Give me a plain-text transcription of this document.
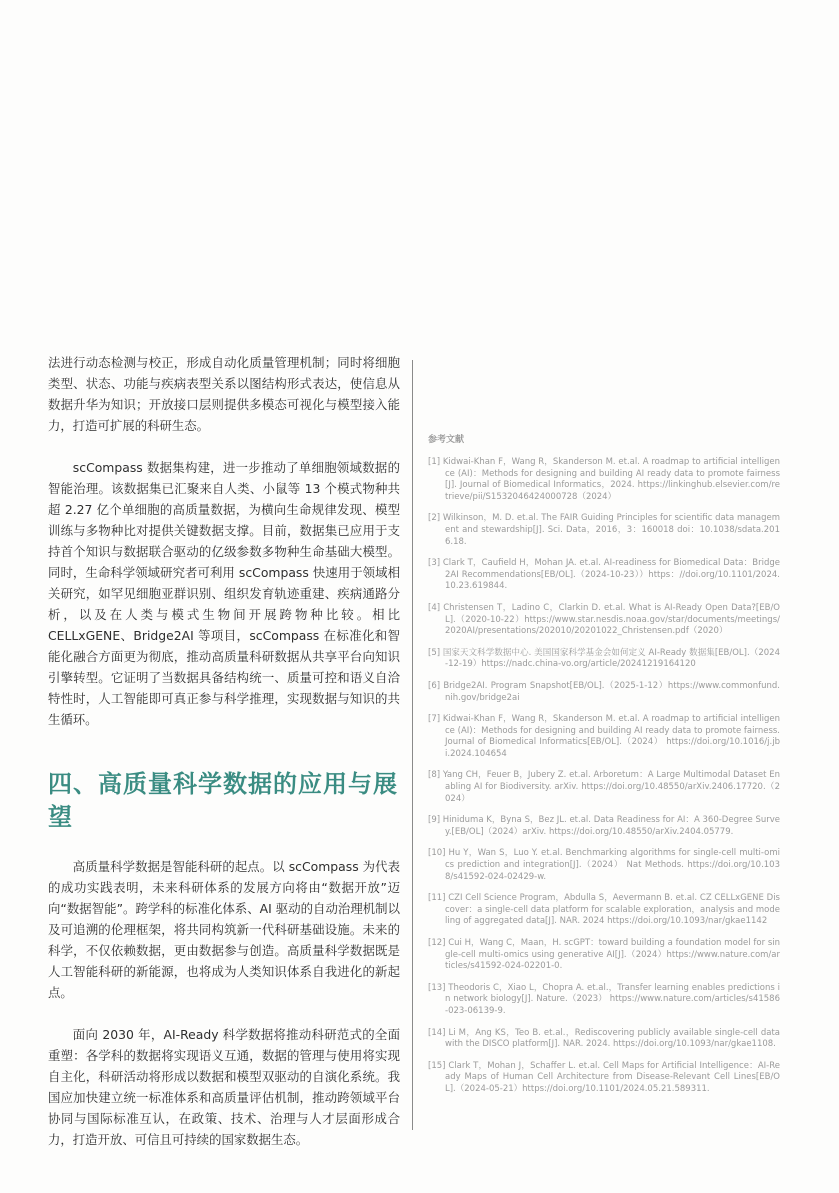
法进行动态检测与校正，形成自动化质量管理机制；同时将细胞类型、状态、功能与疾病表型关系以图结构形式表达，使信息从数据升华为知识；开放接口层则提供多模态可视化与模型接入能力，打造可扩展的科研生态。

scCompass 数据集构建，进一步推动了单细胞领域数据的智能治理。该数据集已汇聚来自人类、小鼠等 13 个模式物种共超 2.27 亿个单细胞的高质量数据，为横向生命规律发现、模型训练与多物种比对提供关键数据支撑。目前，数据集已应用于支持首个知识与数据联合驱动的亿级参数多物种生命基础大模型。同时，生命科学领域研究者可利用 scCompass 快速用于领域相关研究，如罕见细胞亚群识别、组织发育轨迹重建、疾病通路分析，以及在人类与模式生物间开展跨物种比较。相比 CELLxGENE、Bridge2AI 等项目，scCompass 在标准化和智能化融合方面更为彻底，推动高质量科研数据从共享平台向知识引擎转型。它证明了当数据具备结构统一、质量可控和语义自洽特性时，人工智能即可真正参与科学推理，实现数据与知识的共生循环。

四、高质量科学数据的应用与展望

高质量科学数据是智能科研的起点。以 scCompass 为代表的成功实践表明，未来科研体系的发展方向将由“数据开放”迈向“数据智能”。跨学科的标准化体系、AI 驱动的自动治理机制以及可追溯的伦理框架，将共同构筑新一代科研基础设施。未来的科学，不仅依赖数据，更由数据参与创造。高质量科学数据既是人工智能科研的新能源，也将成为人类知识体系自我进化的新起点。

面向 2030 年，AI-Ready 科学数据将推动科研范式的全面重塑：各学科的数据将实现语义互通，数据的管理与使用将实现自主化，科研活动将形成以数据和模型双驱动的自演化系统。我国应加快建立统一标准体系和高质量评估机制，推动跨领域平台协同与国际标准互认，在政策、技术、治理与人才层面形成合力，打造开放、可信且可持续的国家数据生态。

参考文献
[1] Kidwai-Khan F，Wang R，Skanderson M. et.al. A roadmap to artificial intelligence (AI)：Methods for designing and building AI ready data to promote fairness[J]. Journal of Biomedical Informatics，2024. https://linkinghub.elsevier.com/retrieve/pii/S1532046424000728（2024）
[2] Wilkinson，M. D. et.al. The FAIR Guiding Principles for scientific data management and stewardship[J]. Sci. Data，2016，3：160018 doi：10.1038/sdata.2016.18.
[3] Clark T，Caufield H，Mohan JA. et.al. AI-readiness for Biomedical Data：Bridge2AI Recommendations[EB/OL].（2024-10-23））https：//doi.org/10.1101/2024.10.23.619844.
[4] Christensen T，Ladino C，Clarkin D. et.al. What is AI-Ready Open Data?[EB/OL].（2020-10-22）https://www.star.nesdis.noaa.gov/star/documents/meetings/2020AI/presentations/202010/20201022_Christensen.pdf（2020）
[5] 国家天文科学数据中心. 美国国家科学基金会如何定义 AI-Ready 数据集[EB/OL].（2024-12-19）https://nadc.china-vo.org/article/20241219164120
[6] Bridge2AI. Program Snapshot[EB/OL].（2025-1-12）https://www.commonfund.nih.gov/bridge2ai
[7] Kidwai-Khan F，Wang R，Skanderson M. et.al. A roadmap to artificial intelligence (AI)：Methods for designing and building AI ready data to promote fairness. Journal of Biomedical Informatics[EB/OL].（2024） https://doi.org/10.1016/j.jbi.2024.104654
[8] Yang CH，Feuer B，Jubery Z. et.al. Arboretum：A Large Multimodal Dataset Enabling AI for Biodiversity. arXiv. https://doi.org/10.48550/arXiv.2406.17720.（2024）
[9] Hiniduma K，Byna S，Bez JL. et.al. Data Readiness for AI：A 360-Degree Survey.[EB/OL]（2024）arXiv. https://doi.org/10.48550/arXiv.2404.05779.
[10] Hu Y，Wan S，Luo Y. et.al. Benchmarking algorithms for single-cell multi-omics prediction and integration[J].（2024） Nat Methods. https://doi.org/10.1038/s41592-024-02429-w.
[11] CZI Cell Science Program，Abdulla S，Aevermann B. et.al. CZ CELLxGENE Discover：a single-cell data platform for scalable exploration，analysis and modeling of aggregated data[J]. NAR. 2024 https://doi.org/10.1093/nar/gkae1142
[12] Cui H，Wang C，Maan，H. scGPT：toward building a foundation model for single-cell multi-omics using generative AI[J].（2024）https://www.nature.com/articles/s41592-024-02201-0.
[13] Theodoris C，Xiao L，Chopra A. et.al.，Transfer learning enables predictions in network biology[J]. Nature.（2023） https://www.nature.com/articles/s41586-023-06139-9.
[14] Li M，Ang KS，Teo B. et.al.，Rediscovering publicly available single-cell data with the DISCO platform[J]. NAR. 2024. https://doi.org/10.1093/nar/gkae1108.
[15] Clark T，Mohan J，Schaffer L. et.al. Cell Maps for Artificial Intelligence：AI-Ready Maps of Human Cell Architecture from Disease-Relevant Cell Lines[EB/OL].（2024-05-21）https://doi.org/10.1101/2024.05.21.589311.
